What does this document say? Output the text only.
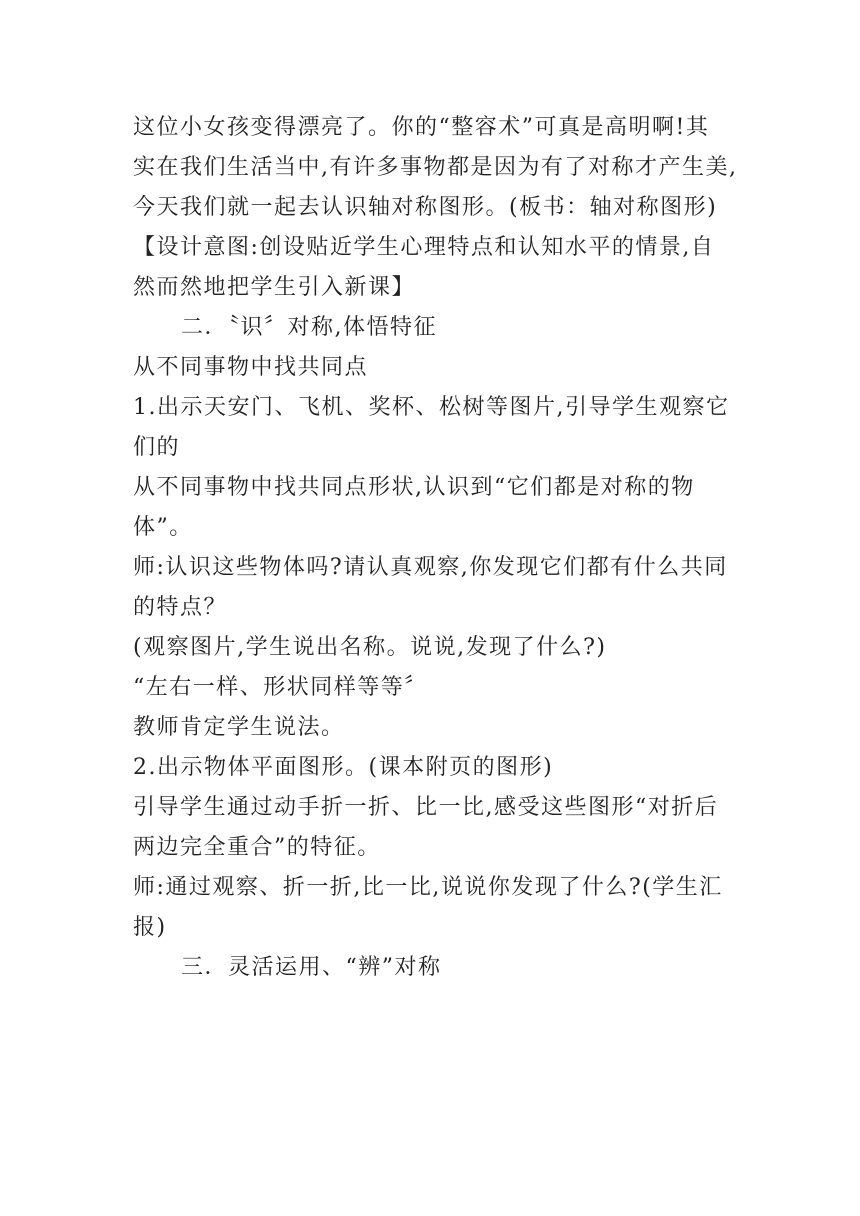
这位小女孩变得漂亮了。你的“整容术”可真是高明啊!其
实在我们生活当中,有许多事物都是因为有了对称才产生美,
今天我们就一起去认识轴对称图形。(板书：轴对称图形)
【设计意图:创设贴近学生心理特点和认知水平的情景,自
然而然地把学生引入新课】
二．〝识〞对称,体悟特征
从不同事物中找共同点
1.出示天安门、飞机、奖杯、松树等图片,引导学生观察它
们的
从不同事物中找共同点形状,认识到“它们都是对称的物
体”。
师:认识这些物体吗?请认真观察,你发现它们都有什么共同
的特点？
(观察图片,学生说出名称。说说,发现了什么?)
“左右一样、形状同样等等〞
教师肯定学生说法。
2.出示物体平面图形。(课本附页的图形)
引导学生通过动手折一折、比一比,感受这些图形“对折后
两边完全重合”的特征。
师:通过观察、折一折,比一比,说说你发现了什么?(学生汇
报)
三．灵活运用、“辨”对称
